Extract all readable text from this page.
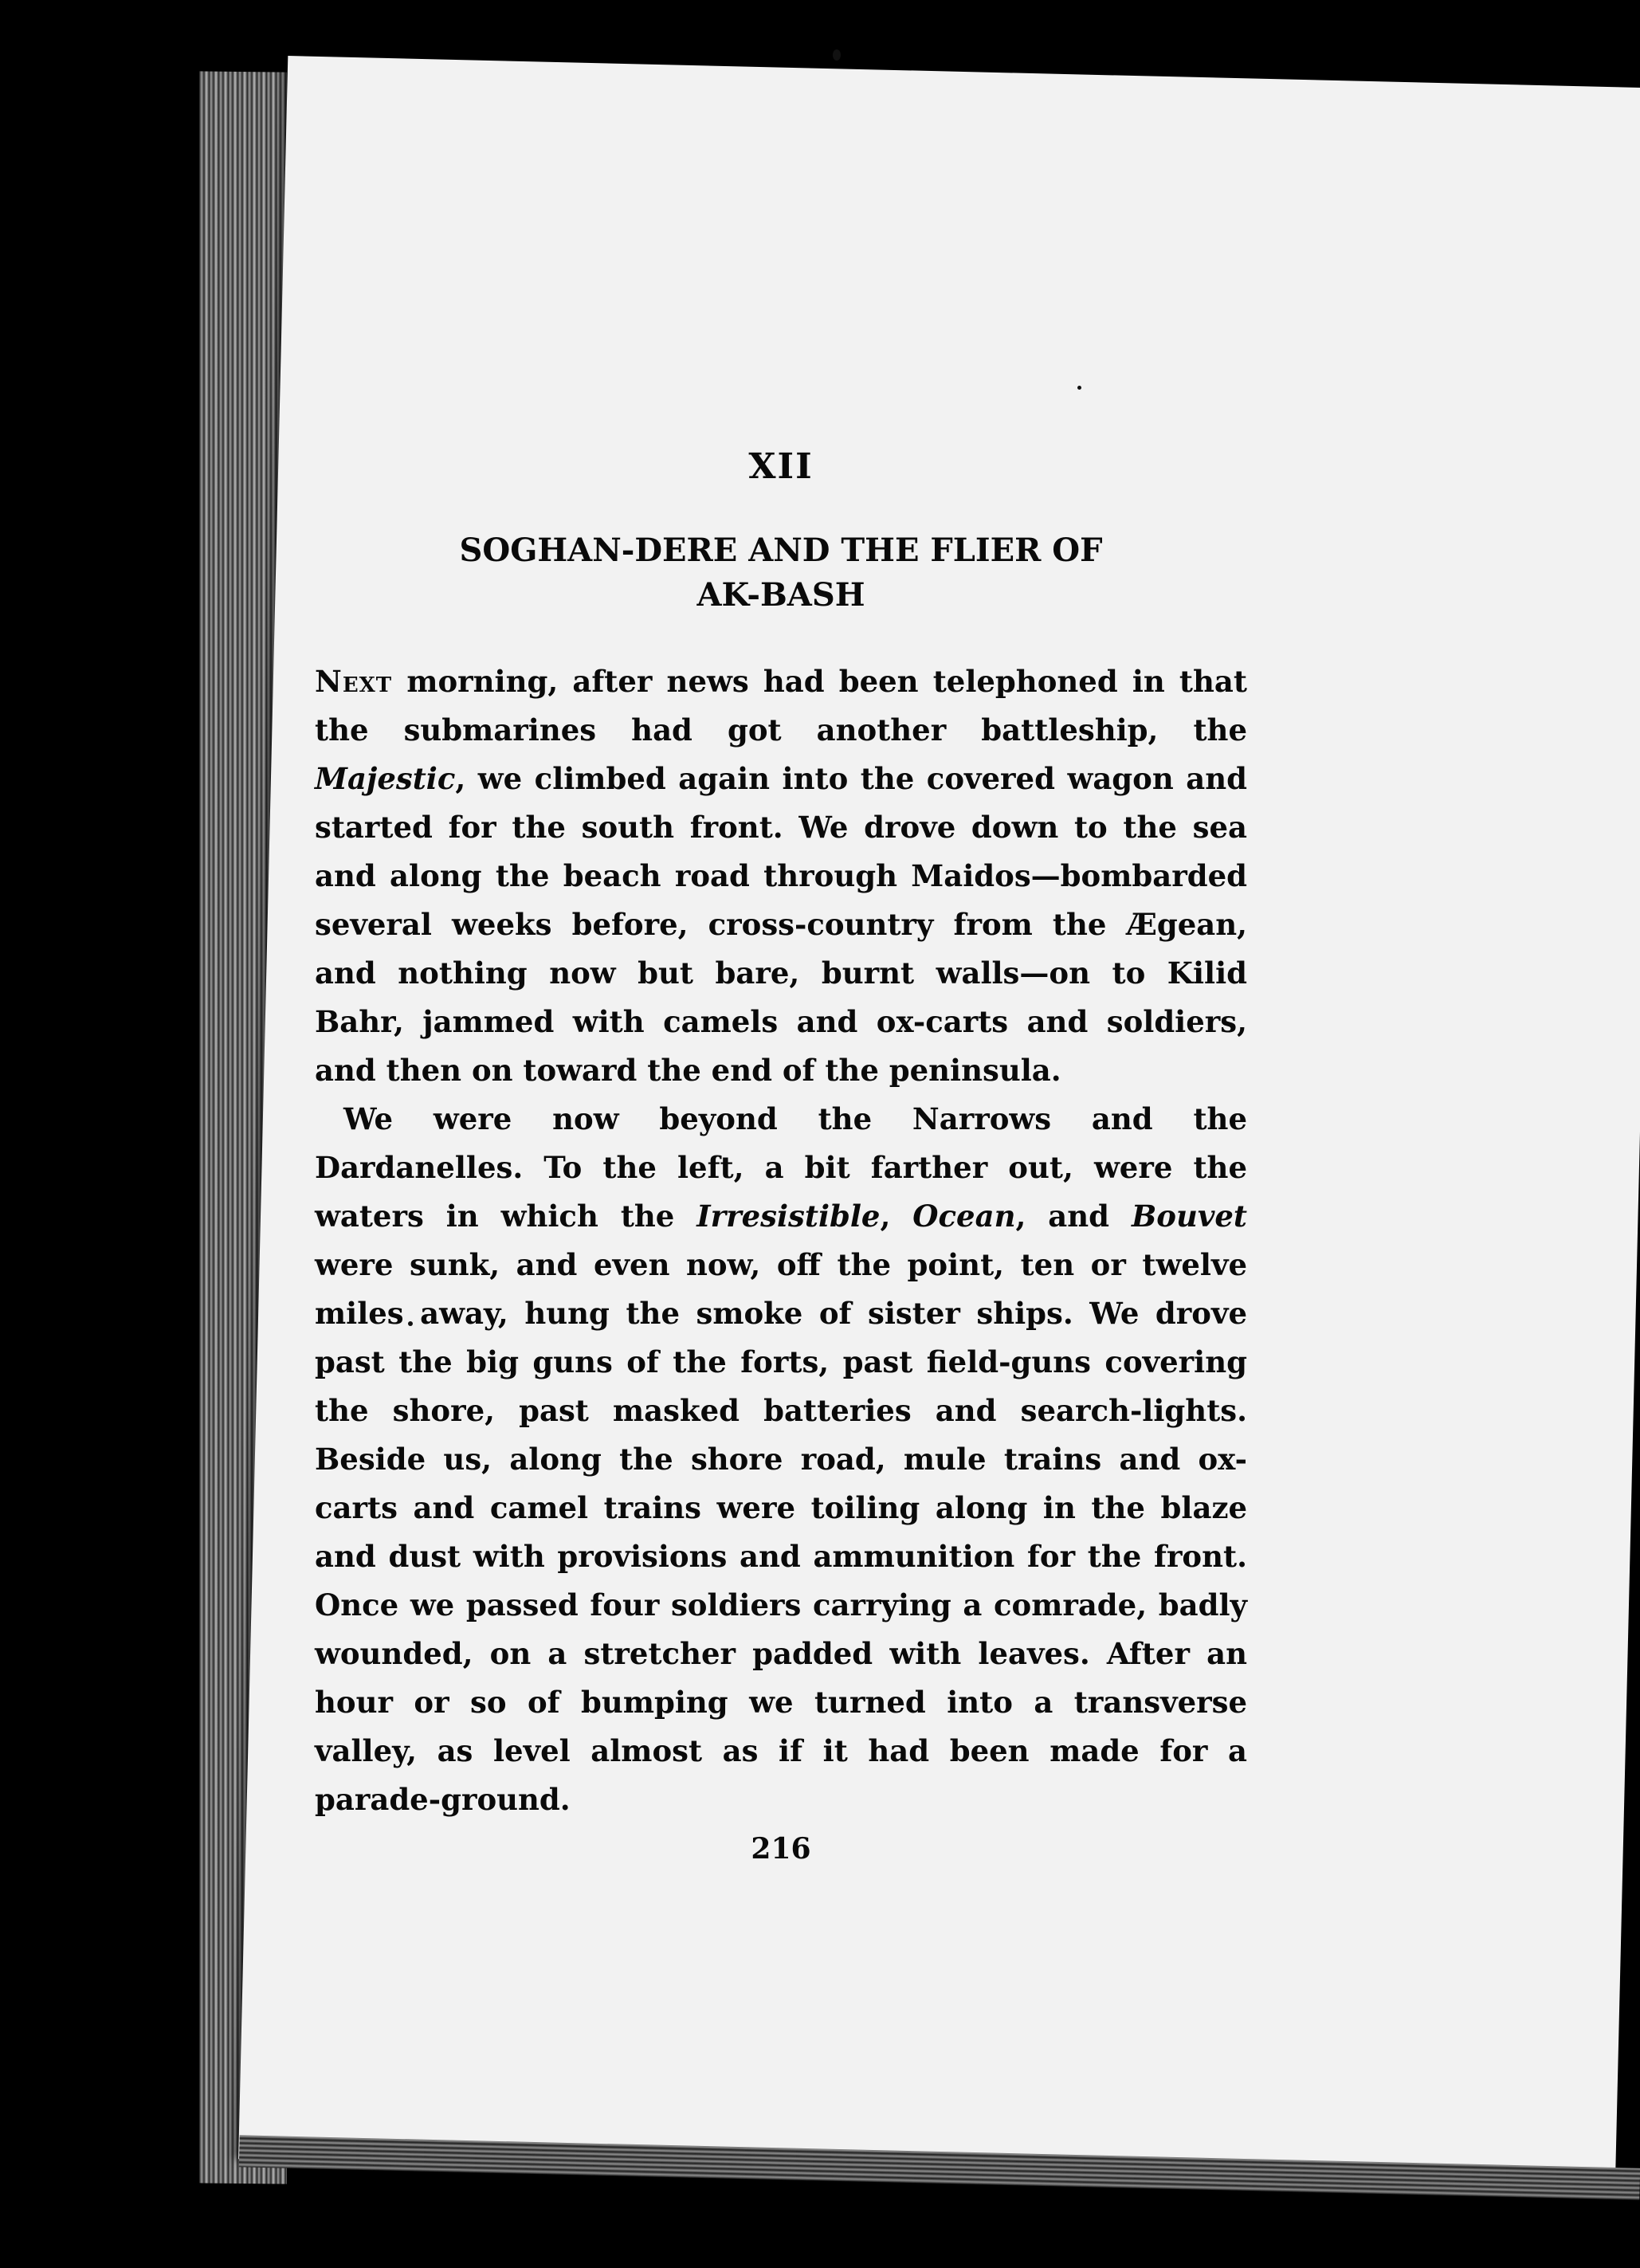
XII
SOGHAN-DERE AND THE FLIER OF
AK-BASH

Next morning, after news had been telephoned in that the submarines had got another battleship, the Majestic, we climbed again into the covered wagon and started for the south front. We drove down to the sea and along the beach road through Maidos—bombarded several weeks before, cross-country from the Ægean, and nothing now but bare, burnt walls—on to Kilid Bahr, jammed with camels and ox-carts and soldiers, and then on toward the end of the peninsula.

We were now beyond the Narrows and the Dardanelles. To the left, a bit farther out, were the waters in which the Irresistible, Ocean, and Bouvet were sunk, and even now, off the point, ten or twelve miles away, hung the smoke of sister ships. We drove past the big guns of the forts, past field-guns covering the shore, past masked batteries and search-lights. Beside us, along the shore road, mule trains and ox-carts and camel trains were toiling along in the blaze and dust with provisions and ammunition for the front. Once we passed four soldiers carrying a comrade, badly wounded, on a stretcher padded with leaves. After an hour or so of bumping we turned into a transverse valley, as level almost as if it had been made for a parade-ground.

216
